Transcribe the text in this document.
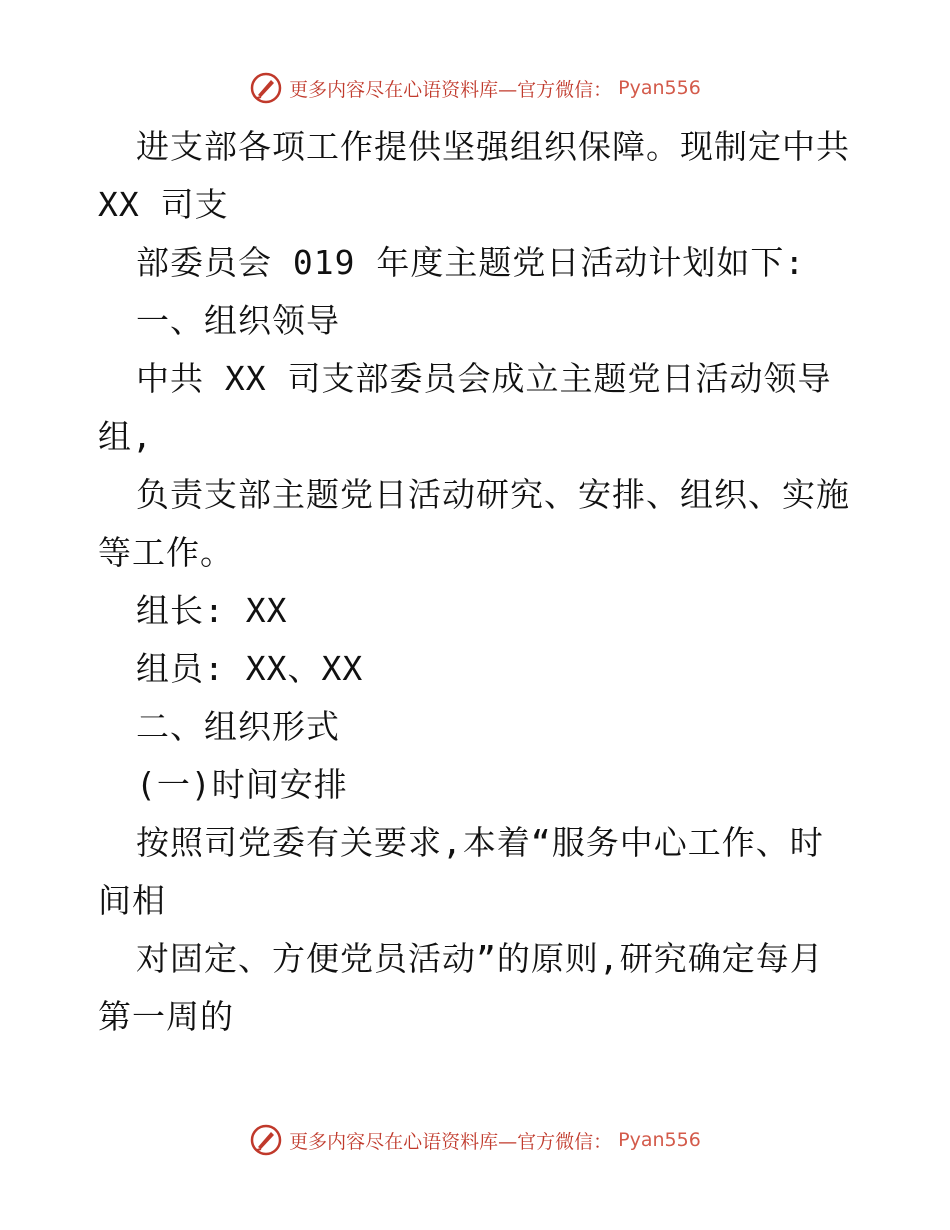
更多内容尽在心语资料库—官方微信： Pyan556
进支部各项工作提供坚强组织保障。现制定中共
XX 司支
部委员会 019 年度主题党日活动计划如下:
一、组织领导
中共 XX 司支部委员会成立主题党日活动领导
组,
负责支部主题党日活动研究、安排、组织、实施
等工作。
组长: XX
组员: XX、XX
二、组织形式
(一)时间安排
按照司党委有关要求,本着“服务中心工作、时
间相
对固定、方便党员活动”的原则,研究确定每月
第一周的
更多内容尽在心语资料库—官方微信： Pyan556
